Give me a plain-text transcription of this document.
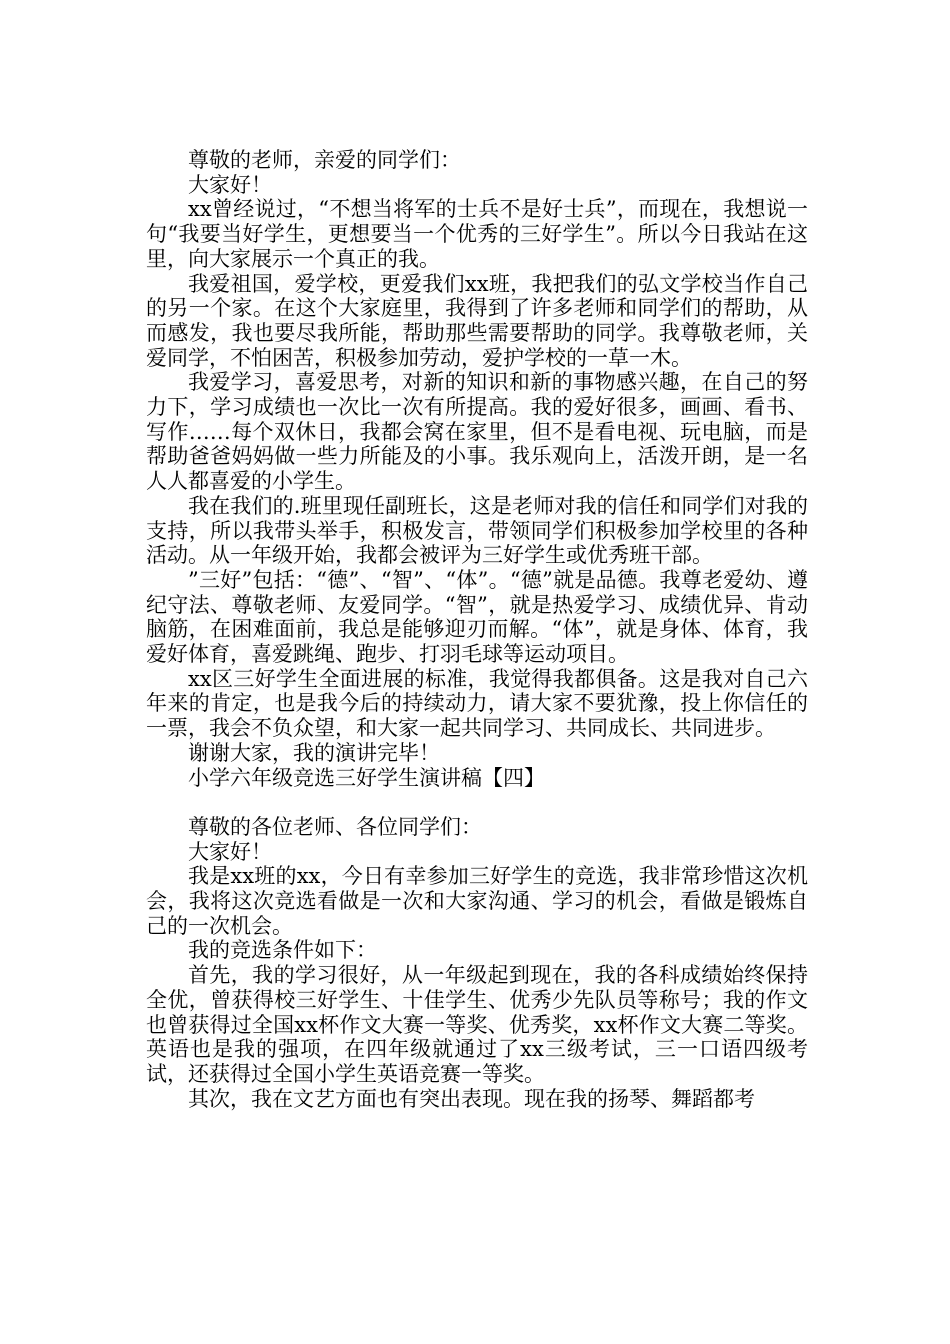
尊敬的老师，亲爱的同学们：

大家好！

xx曾经说过，“不想当将军的士兵不是好士兵”，而现在，我想说一句“我要当好学生，更想要当一个优秀的三好学生”。所以今日我站在这里，向大家展示一个真正的我。

我爱祖国，爱学校，更爱我们xx班，我把我们的弘文学校当作自己的另一个家。在这个大家庭里，我得到了许多老师和同学们的帮助，从而感发，我也要尽我所能，帮助那些需要帮助的同学。我尊敬老师，关爱同学，不怕困苦，积极参加劳动，爱护学校的一草一木。

我爱学习，喜爱思考，对新的知识和新的事物感兴趣，在自己的努力下，学习成绩也一次比一次有所提高。我的爱好很多，画画、看书、写作……每个双休日，我都会窝在家里，但不是看电视、玩电脑，而是帮助爸爸妈妈做一些力所能及的小事。我乐观向上，活泼开朗，是一名人人都喜爱的小学生。

我在我们的.班里现任副班长，这是老师对我的信任和同学们对我的支持，所以我带头举手，积极发言，带领同学们积极参加学校里的各种活动。从一年级开始，我都会被评为三好学生或优秀班干部。

”三好”包括：“德”、“智”、“体”。“德”就是品德。我尊老爱幼、遵纪守法、尊敬老师、友爱同学。“智”，就是热爱学习、成绩优异、肯动脑筋，在困难面前，我总是能够迎刃而解。“体”，就是身体、体育，我爱好体育，喜爱跳绳、跑步、打羽毛球等运动项目。

xx区三好学生全面进展的标准，我觉得我都俱备。这是我对自己六年来的肯定，也是我今后的持续动力，请大家不要犹豫，投上你信任的一票，我会不负众望，和大家一起共同学习、共同成长、共同进步。

谢谢大家，我的演讲完毕！

小学六年级竞选三好学生演讲稿【四】

尊敬的各位老师、各位同学们：

大家好！

我是xx班的xx，今日有幸参加三好学生的竞选，我非常珍惜这次机会，我将这次竞选看做是一次和大家沟通、学习的机会，看做是锻炼自己的一次机会。

我的竞选条件如下：

首先，我的学习很好，从一年级起到现在，我的各科成绩始终保持全优，曾获得校三好学生、十佳学生、优秀少先队员等称号；我的作文也曾获得过全国xx杯作文大赛一等奖、优秀奖，xx杯作文大赛二等奖。英语也是我的强项，在四年级就通过了xx三级考试，三一口语四级考试，还获得过全国小学生英语竞赛一等奖。

其次，我在文艺方面也有突出表现。现在我的扬琴、舞蹈都考
